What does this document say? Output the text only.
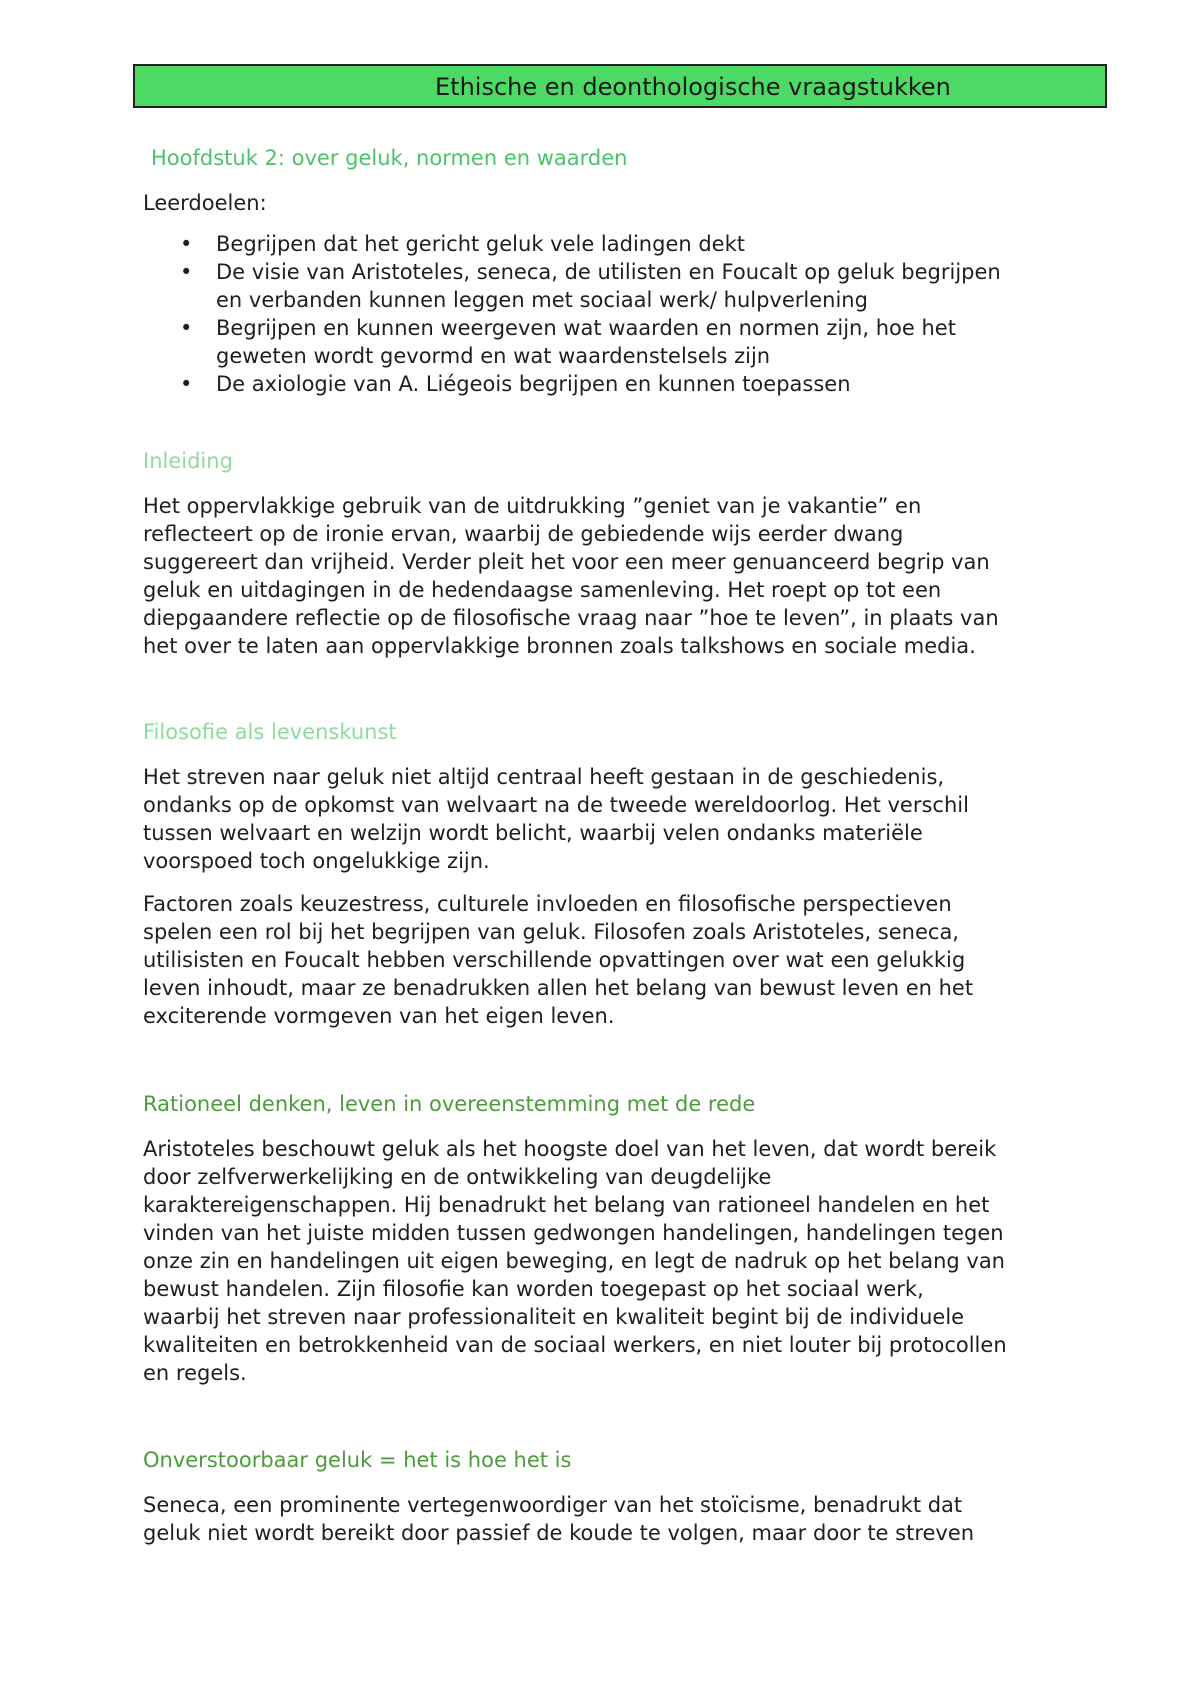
Ethische en deonthologische vraagstukken
Hoofdstuk 2: over geluk, normen en waarden
Leerdoelen:
• Begrijpen dat het gericht geluk vele ladingen dekt
• De visie van Aristoteles, seneca, de utilisten en Foucalt op geluk begrijpen
en verbanden kunnen leggen met sociaal werk/ hulpverlening
• Begrijpen en kunnen weergeven wat waarden en normen zijn, hoe het
geweten wordt gevormd en wat waardenstelsels zijn
• De axiologie van A. Liégeois begrijpen en kunnen toepassen
Inleiding
Het oppervlakkige gebruik van de uitdrukking ”geniet van je vakantie” en
reflecteert op de ironie ervan, waarbij de gebiedende wijs eerder dwang
suggereert dan vrijheid. Verder pleit het voor een meer genuanceerd begrip van
geluk en uitdagingen in de hedendaagse samenleving. Het roept op tot een
diepgaandere reflectie op de filosofische vraag naar ”hoe te leven”, in plaats van
het over te laten aan oppervlakkige bronnen zoals talkshows en sociale media.
Filosofie als levenskunst
Het streven naar geluk niet altijd centraal heeft gestaan in de geschiedenis,
ondanks op de opkomst van welvaart na de tweede wereldoorlog. Het verschil
tussen welvaart en welzijn wordt belicht, waarbij velen ondanks materiële
voorspoed toch ongelukkige zijn.
Factoren zoals keuzestress, culturele invloeden en filosofische perspectieven
spelen een rol bij het begrijpen van geluk. Filosofen zoals Aristoteles, seneca,
utilisisten en Foucalt hebben verschillende opvattingen over wat een gelukkig
leven inhoudt, maar ze benadrukken allen het belang van bewust leven en het
exciterende vormgeven van het eigen leven.
Rationeel denken, leven in overeenstemming met de rede
Aristoteles beschouwt geluk als het hoogste doel van het leven, dat wordt bereik
door zelfverwerkelijking en de ontwikkeling van deugdelijke
karaktereigenschappen. Hij benadrukt het belang van rationeel handelen en het
vinden van het juiste midden tussen gedwongen handelingen, handelingen tegen
onze zin en handelingen uit eigen beweging, en legt de nadruk op het belang van
bewust handelen. Zijn filosofie kan worden toegepast op het sociaal werk,
waarbij het streven naar professionaliteit en kwaliteit begint bij de individuele
kwaliteiten en betrokkenheid van de sociaal werkers, en niet louter bij protocollen
en regels.
Onverstoorbaar geluk = het is hoe het is
Seneca, een prominente vertegenwoordiger van het stoïcisme, benadrukt dat
geluk niet wordt bereikt door passief de koude te volgen, maar door te streven
